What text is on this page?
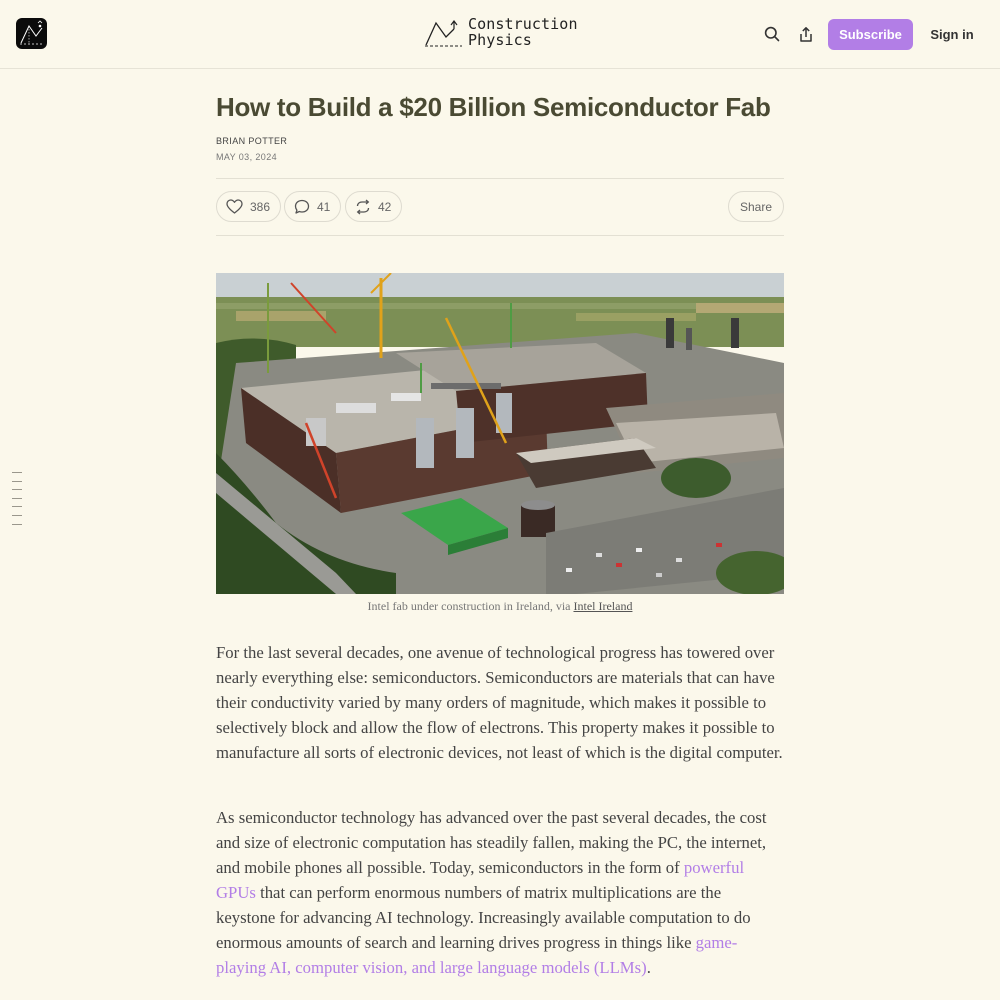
Construction
Physics	Subscribe	Sign in
How to Build a $20 Billion Semiconductor Fab
BRIAN POTTER
MAY 03, 2024
386	41	42	Share
Intel fab under construction in Ireland, via Intel Ireland

For the last several decades, one avenue of technological progress has towered over nearly everything else: semiconductors. Semiconductors are materials that can have their conductivity varied by many orders of magnitude, which makes it possible to selectively block and allow the flow of electrons. This property makes it possible to manufacture all sorts of electronic devices, not least of which is the digital computer.

As semiconductor technology has advanced over the past several decades, the cost and size of electronic computation has steadily fallen, making the PC, the internet, and mobile phones all possible. Today, semiconductors in the form of powerful GPUs that can perform enormous numbers of matrix multiplications are the keystone for advancing AI technology. Increasingly available computation to do enormous amounts of search and learning drives progress in things like game-playing AI, computer vision, and large language models (LLMs).
